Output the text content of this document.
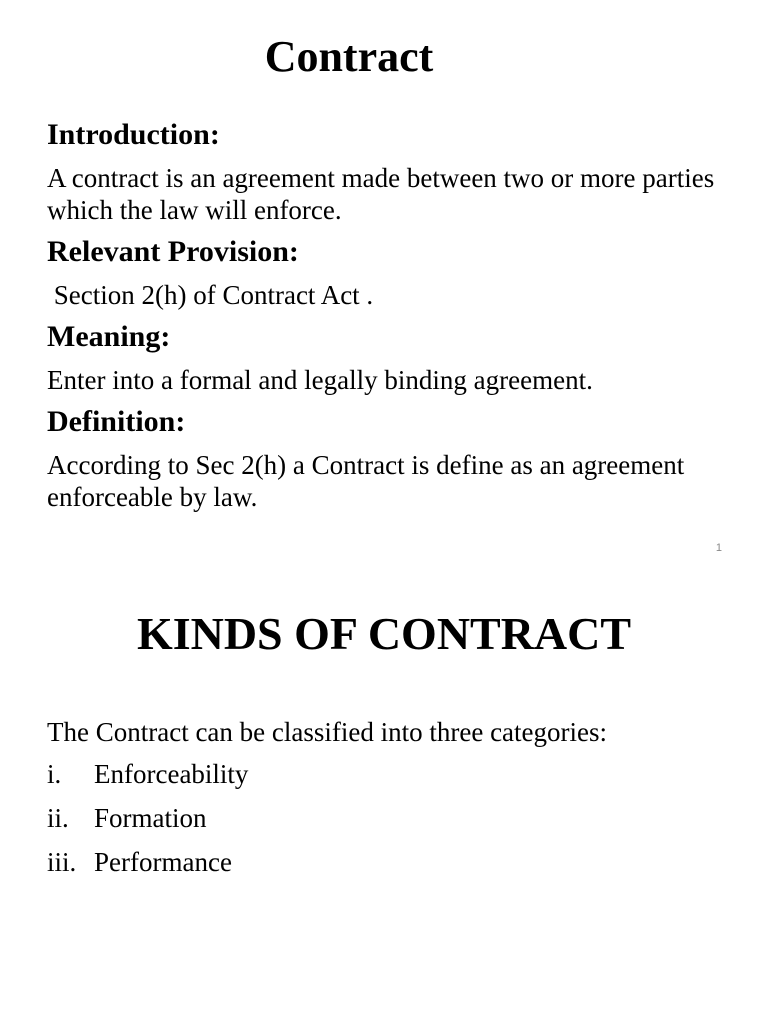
Contract
Introduction:

A contract is an agreement made between two or more parties which the law will enforce.

Relevant Provision:

Section 2(h) of Contract Act .

Meaning:

Enter into a formal and legally binding agreement.

Definition:

According to Sec 2(h) a Contract is define as an agreement enforceable by law.

1
KINDS OF CONTRACT

The Contract can be classified into three categories:

i.	Enforceability
ii. Formation
iii. Performance
